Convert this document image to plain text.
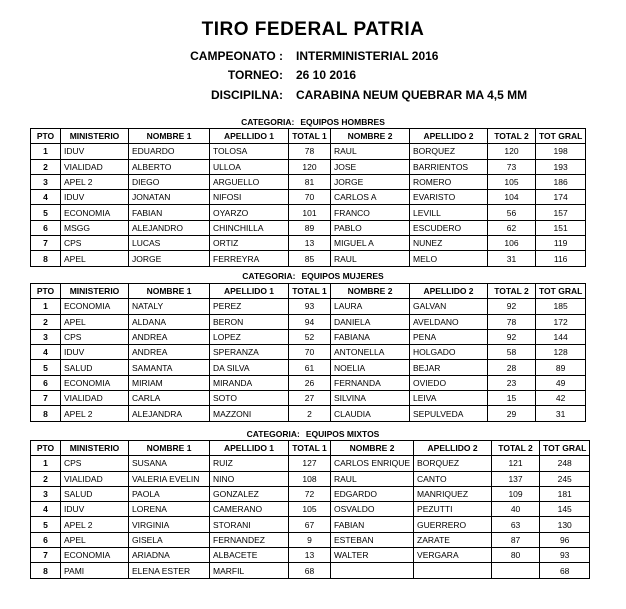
TIRO FEDERAL PATRIA
CAMPEONATO : INTERMINISTERIAL 2016
TORNEO: 26 10 2016
DISCIPILNA: CARABINA NEUM QUEBRAR MA 4,5 MM
CATEGORIA: EQUIPOS HOMBRES
PTO	MINISTERIO	NOMBRE 1	APELLIDO 1	TOTAL 1	NOMBRE 2	APELLIDO 2	TOTAL 2	TOT GRAL
1	IDUV	EDUARDO	TOLOSA	78	RAUL	BORQUEZ	120	198
2	VIALIDAD	ALBERTO	ULLOA	120	JOSE	BARRIENTOS	73	193
3	APEL 2	DIEGO	ARGUELLO	81	JORGE	ROMERO	105	186
4	IDUV	JONATAN	NIFOSI	70	CARLOS A	EVARISTO	104	174
5	ECONOMIA	FABIAN	OYARZO	101	FRANCO	LEVILL	56	157
6	MSGG	ALEJANDRO	CHINCHILLA	89	PABLO	ESCUDERO	62	151
7	CPS	LUCAS	ORTIZ	13	MIGUEL A	NUNEZ	106	119
8	APEL	JORGE	FERREYRA	85	RAUL	MELO	31	116
CATEGORIA: EQUIPOS MUJERES
PTO	MINISTERIO	NOMBRE 1	APELLIDO 1	TOTAL 1	NOMBRE 2	APELLIDO 2	TOTAL 2	TOT GRAL
1	ECONOMIA	NATALY	PEREZ	93	LAURA	GALVAN	92	185
2	APEL	ALDANA	BERON	94	DANIELA	AVELDANO	78	172
3	CPS	ANDREA	LOPEZ	52	FABIANA	PENA	92	144
4	IDUV	ANDREA	SPERANZA	70	ANTONELLA	HOLGADO	58	128
5	SALUD	SAMANTA	DA SILVA	61	NOELIA	BEJAR	28	89
6	ECONOMIA	MIRIAM	MIRANDA	26	FERNANDA	OVIEDO	23	49
7	VIALIDAD	CARLA	SOTO	27	SILVINA	LEIVA	15	42
8	APEL 2	ALEJANDRA	MAZZONI	2	CLAUDIA	SEPULVEDA	29	31
CATEGORIA: EQUIPOS MIXTOS
PTO	MINISTERIO	NOMBRE 1	APELLIDO 1	TOTAL 1	NOMBRE 2	APELLIDO 2	TOTAL 2	TOT GRAL
1	CPS	SUSANA	RUIZ	127	CARLOS ENRIQUE	BORQUEZ	121	248
2	VIALIDAD	VALERIA EVELIN	NINO	108	RAUL	CANTO	137	245
3	SALUD	PAOLA	GONZALEZ	72	EDGARDO	MANRIQUEZ	109	181
4	IDUV	LORENA	CAMERANO	105	OSVALDO	PEZUTTI	40	145
5	APEL 2	VIRGINIA	STORANI	67	FABIAN	GUERRERO	63	130
6	APEL	GISELA	FERNANDEZ	9	ESTEBAN	ZARATE	87	96
7	ECONOMIA	ARIADNA	ALBACETE	13	WALTER	VERGARA	80	93
8	PAMI	ELENA ESTER	MARFIL	68				68
